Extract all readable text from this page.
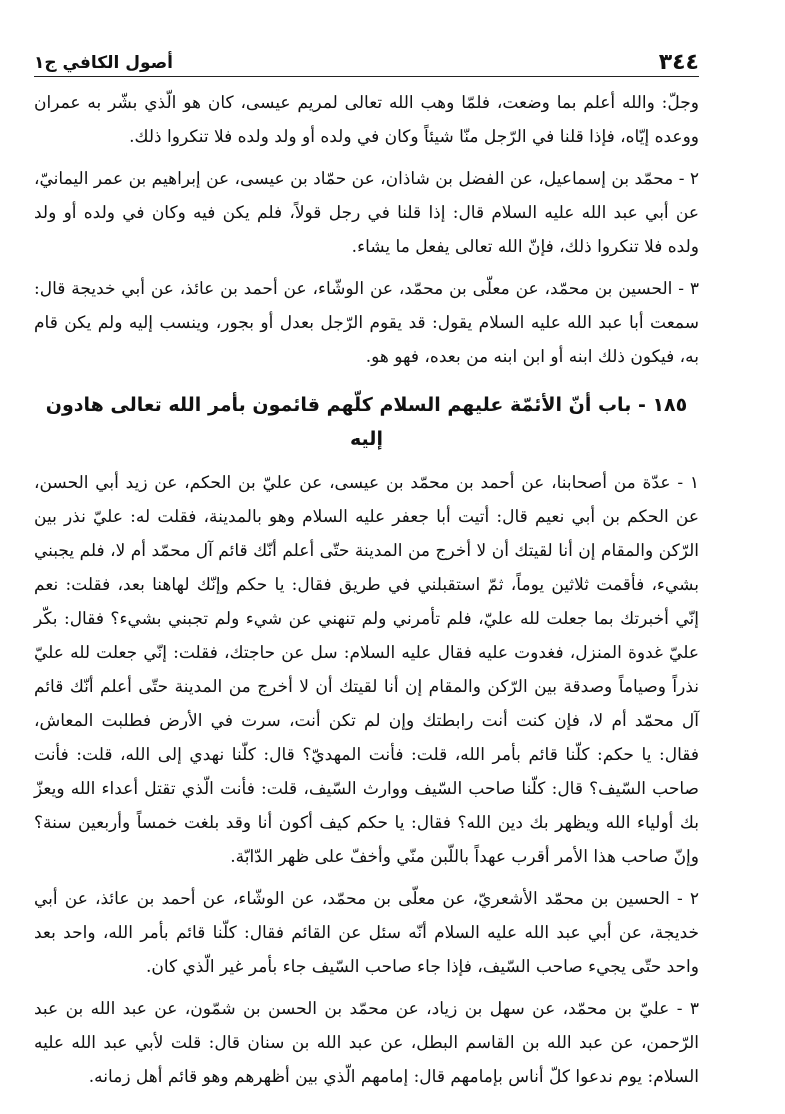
٣٤٤
أصول الكافي ج١

وجلّ: والله أعلم بما وضعت، فلمّا وهب الله تعالى لمريم عيسى، كان هو الّذي بشّر به عمران ووعده إيّاه، فإذا قلنا في الرّجل منّا شيئاً وكان في ولده أو ولد ولده فلا تنكروا ذلك.

٢ - محمّد بن إسماعيل، عن الفضل بن شاذان، عن حمّاد بن عيسى، عن إبراهيم بن عمر اليمانيّ، عن أبي عبد الله عليه السلام قال: إذا قلنا في رجل قولاً، فلم يكن فيه وكان في ولده أو ولد ولده فلا تنكروا ذلك، فإنّ الله تعالى يفعل ما يشاء.

٣ - الحسين بن محمّد، عن معلّى بن محمّد، عن الوشّاء، عن أحمد بن عائذ، عن أبي خديجة قال: سمعت أبا عبد الله عليه السلام يقول: قد يقوم الرّجل بعدل أو بجور، وينسب إليه ولم يكن قام به، فيكون ذلك ابنه أو ابن ابنه من بعده، فهو هو.

١٨٥ - باب أنّ الأئمّة عليهم السلام كلّهم قائمون بأمر الله تعالى هادون إليه

١ - عدّة من أصحابنا، عن أحمد بن محمّد بن عيسى، عن عليّ بن الحكم، عن زيد أبي الحسن، عن الحكم بن أبي نعيم قال: أتيت أبا جعفر عليه السلام وهو بالمدينة، فقلت له: عليّ نذر بين الرّكن والمقام إن أنا لقيتك أن لا أخرج من المدينة حتّى أعلم أنّك قائم آل محمّد أم لا، فلم يجبني بشيء، فأقمت ثلاثين يوماً، ثمّ استقبلني في طريق فقال: يا حكم وإنّك لهاهنا بعد، فقلت: نعم إنّي أخبرتك بما جعلت لله عليّ، فلم تأمرني ولم تنهني عن شيء ولم تجبني بشيء؟ فقال: بكّر عليّ غدوة المنزل، فغدوت عليه فقال عليه السلام: سل عن حاجتك، فقلت: إنّي جعلت لله عليّ نذراً وصياماً وصدقة بين الرّكن والمقام إن أنا لقيتك أن لا أخرج من المدينة حتّى أعلم أنّك قائم آل محمّد أم لا، فإن كنت أنت رابطتك وإن لم تكن أنت، سرت في الأرض فطلبت المعاش، فقال: يا حكم: كلّنا قائم بأمر الله، قلت: فأنت المهديّ؟ قال: كلّنا نهدي إلى الله، قلت: فأنت صاحب السّيف؟ قال: كلّنا صاحب السّيف ووارث السّيف، قلت: فأنت الّذي تقتل أعداء الله ويعزّ بك أولياء الله ويظهر بك دين الله؟ فقال: يا حكم كيف أكون أنا وقد بلغت خمساً وأربعين سنة؟ وإنّ صاحب هذا الأمر أقرب عهداً باللّبن منّي وأخفّ على ظهر الدّابّة.

٢ - الحسين بن محمّد الأشعريّ، عن معلّى بن محمّد، عن الوشّاء، عن أحمد بن عائذ، عن أبي خديجة، عن أبي عبد الله عليه السلام أنّه سئل عن القائم فقال: كلّنا قائم بأمر الله، واحد بعد واحد حتّى يجيء صاحب السّيف، فإذا جاء صاحب السّيف جاء بأمر غير الّذي كان.

٣ - عليّ بن محمّد، عن سهل بن زياد، عن محمّد بن الحسن بن شمّون، عن عبد الله بن عبد الرّحمن، عن عبد الله بن القاسم البطل، عن عبد الله بن سنان قال: قلت لأبي عبد الله عليه السلام: يوم ندعوا كلّ أناس بإمامهم قال: إمامهم الّذي بين أظهرهم وهو قائم أهل زمانه.
